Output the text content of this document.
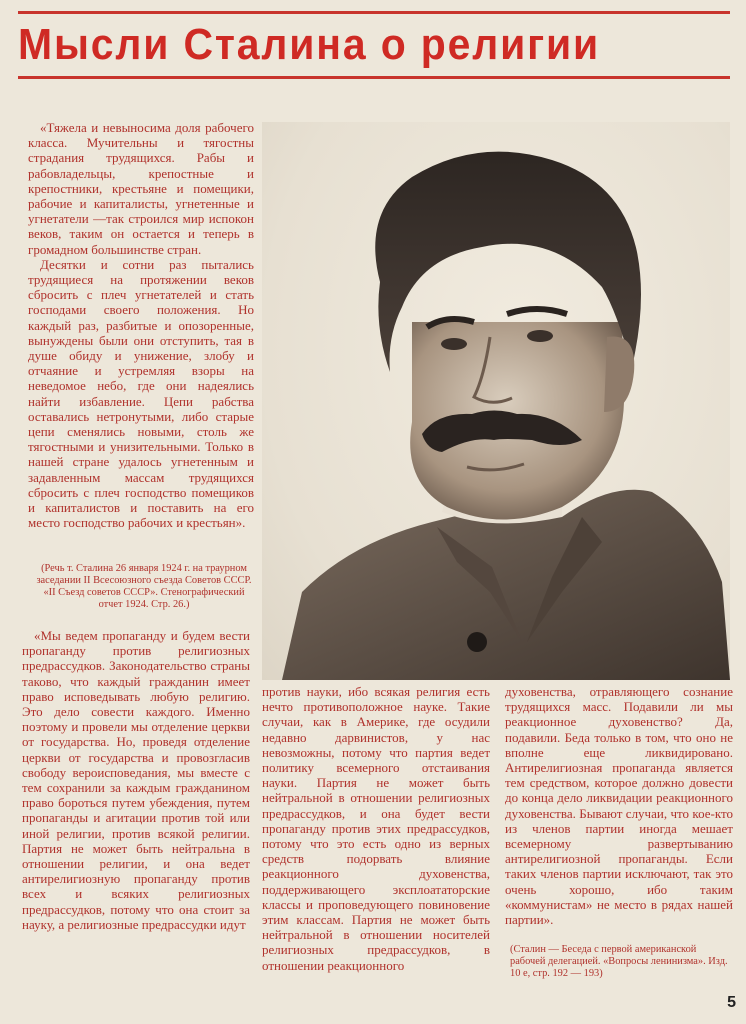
Мысли Сталина о религии

«Тяжела и невыносима доля рабочего класса. Мучительны и тягостны страдания трудящихся. Рабы и рабовладельцы, крепостные и крепостники, крестьяне и помещики, рабочие и капиталисты, угнетенные и угнетатели —так строился мир испокон веков, таким он остается и теперь в громадном большинстве стран.

Десятки и сотни раз пытались трудящиеся на протяжении веков сбросить с плеч угнетателей и стать господами своего положения. Но каждый раз, разбитые и опозоренные, вынуждены были они отступить, тая в душе обиду и унижение, злобу и отчаяние и устремляя взоры на неведомое небо, где они надеялись найти избавление. Цепи рабства оставались нетронутыми, либо старые цепи сменялись новыми, столь же тягостными и унизительными. Только в нашей стране удалось угнетенным и задавленным массам трудящихся сбросить с плеч господство помещиков и капиталистов и поставить на его место господство рабочих и крестьян».

(Речь т. Сталина 26 января 1924 г. на траурном заседании II Всесоюзного съезда Советов СССР. «II Съезд советов СССР». Стенографический отчет 1924. Стр. 26.)

«Мы ведем пропаганду и будем вести пропаганду против религиозных предрассудков. Законодательство страны таково, что каждый гражданин имеет право исповедывать любую религию. Это дело совести каждого. Именно поэтому и провели мы отделение церкви от государства. Но, проведя отделение церкви от государства и провозгласив свободу вероисповедания, мы вместе с тем сохранили за каждым гражданином право бороться путем убеждения, путем пропаганды и агитации против той или иной религии, против всякой религии. Партия не может быть нейтральна в отношении религии, и она ведет антирелигиозную пропаганду против всех и всяких религиозных предрассудков, потому что она стоит за науку, а религиозные предрассудки идут

против науки, ибо всякая религия есть нечто противоположное науке. Такие случаи, как в Америке, где осудили недавно дарвинистов, у нас невозможны, потому что партия ведет политику всемерного отстаивания науки. Партия не может быть нейтральной в отношении религиозных предрассудков, и она будет вести пропаганду против этих предрассудков, потому что это есть одно из верных средств подорвать влияние реакционного духовенства, поддерживающего эксплоататорские классы и проповедующего повиновение этим классам. Партия не может быть нейтральной в отношении носителей религиозных предрассудков, в отношении реакционного

духовенства, отравляющего сознание трудящихся масс. Подавили ли мы реакционное духовенство? Да, подавили. Беда только в том, что оно не вполне еще ликвидировано. Антирелигиозная пропаганда является тем средством, которое должно довести до конца дело ликвидации реакционного духовенства. Бывают случаи, что кое-кто из членов партии иногда мешает всемерному развертыванию антирелигиозной пропаганды. Если таких членов партии исключают, так это очень хорошо, ибо таким «коммунистам» не место в рядах нашей партии».

(Сталин — Беседа с первой американской рабочей делегацией. «Вопросы ленинизма». Изд. 10 е, стр. 192 — 193)
5
